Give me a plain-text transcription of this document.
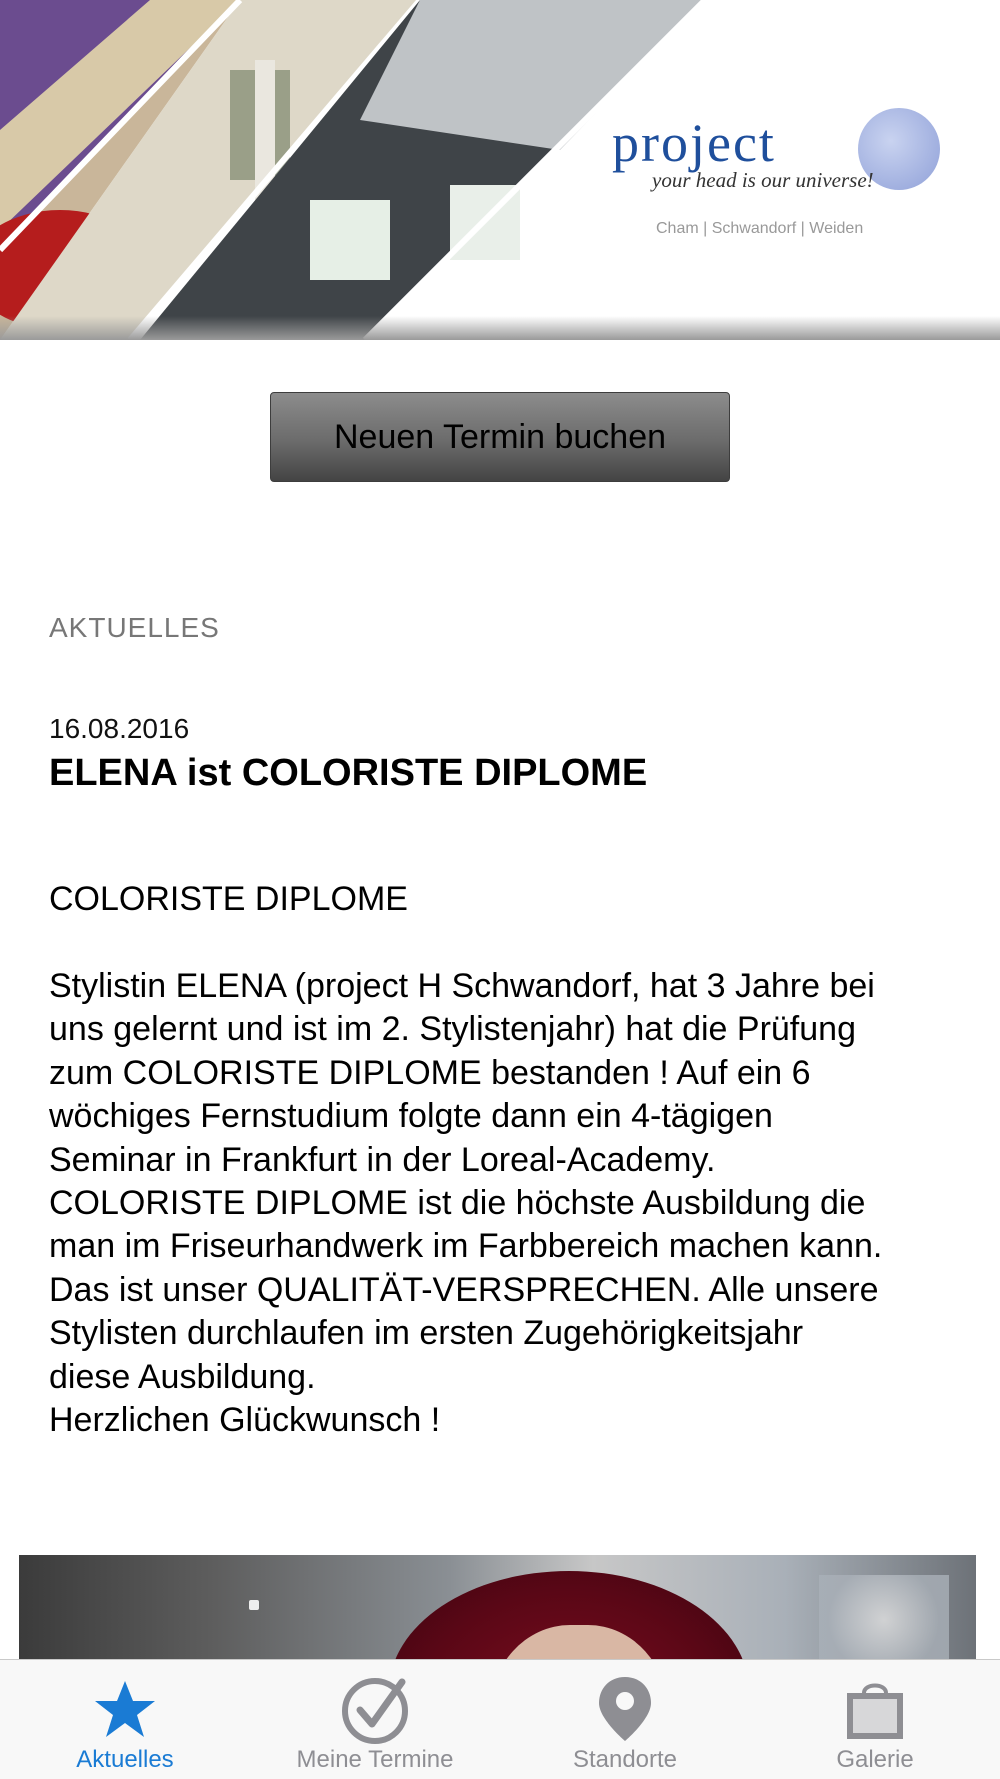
project
your head is our universe!
Cham | Schwandorf | Weiden
Neuen Termin buchen
AKTUELLES
16.08.2016
ELENA ist COLORISTE DIPLOME
COLORISTE DIPLOME
Stylistin ELENA (project H Schwandorf, hat 3 Jahre bei
uns gelernt und ist im 2. Stylistenjahr) hat die Prüfung
zum COLORISTE DIPLOME bestanden ! Auf ein 6
wöchiges Fernstudium folgte dann ein 4-tägigen
Seminar in Frankfurt in der Loreal-Academy.
COLORISTE DIPLOME ist die höchste Ausbildung die
man im Friseurhandwerk im Farbbereich machen kann.
Das ist unser QUALITÄT-VERSPRECHEN. Alle unsere
Stylisten durchlaufen im ersten Zugehörigkeitsjahr
diese Ausbildung.
Herzlichen Glückwunsch !
Aktuelles	Meine Termine	Standorte	Galerie
